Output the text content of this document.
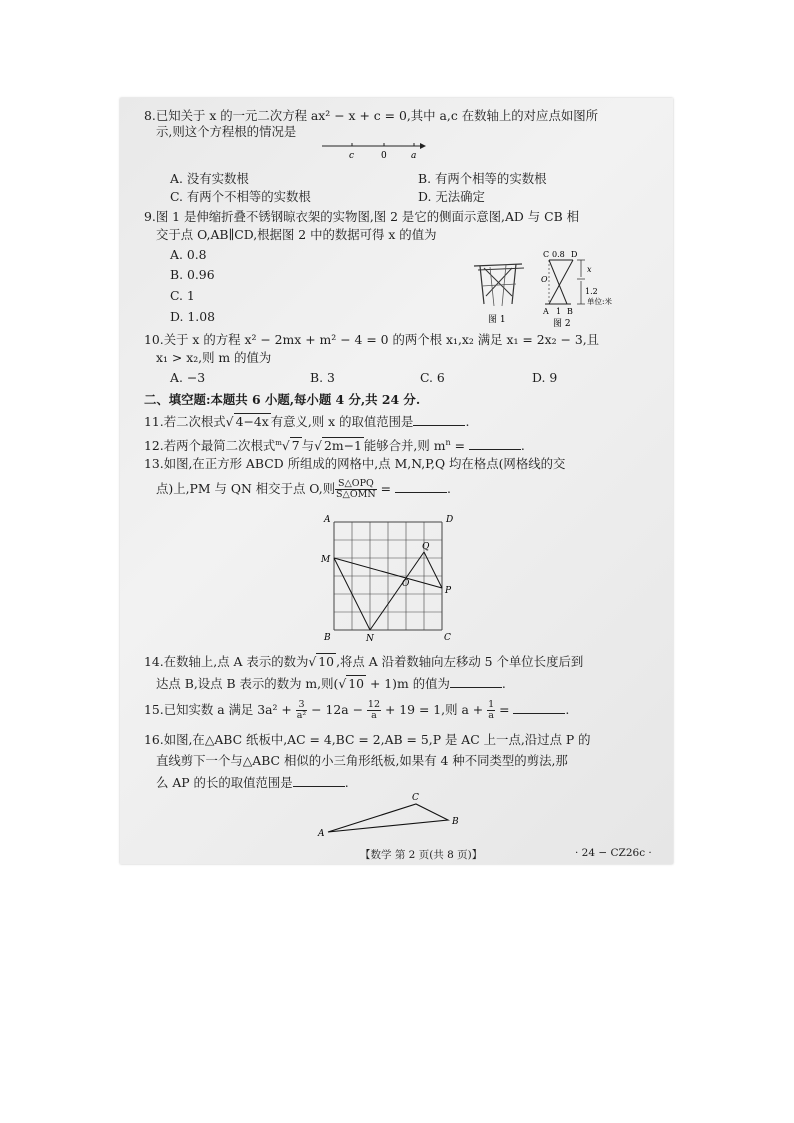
8.已知关于 x 的一元二次方程 ax² − x + c = 0,其中 a,c 在数轴上的对应点如图所
示,则这个方程根的情况是
c	0	a
A. 没有实数根	B. 有两个相等的实数根
C. 有两个不相等的实数根	D. 无法确定
9.图 1 是伸缩折叠不锈钢晾衣架的实物图,图 2 是它的侧面示意图,AD 与 CB 相
交于点 O,AB∥CD,根据图 2 中的数据可得 x 的值为
A. 0.8
B. 0.96
C. 1
D. 1.08	图 1
C 0.8 D
O
x
1.2
单位:米
A 1 B
图 2
10.关于 x 的方程 x² − 2mx + m² − 4 = 0 的两个根 x₁,x₂ 满足 x₁ = 2x₂ − 3,且
x₁ > x₂,则 m 的值为
A. −3	B. 3	C. 6	D. 9
二、填空题:本题共 6 小题,每小题 4 分,共 24 分.
11.若二次根式√ 4−4x 有意义,则 x 的取值范围是	.
12.若两个最简二次根式$^m$√ 7 与√ 2m−1 能够合并,则 $m^n$ =	.
13.如图,在正方形 ABCD 所组成的网格中,点 M,N,P,Q 均在格点(网格线的交
点)上,PM 与 QN 相交于点 O,则 $\frac{\text{S△OPQ}}{\text{S△OMN}}$ =	.
A	D
M
Q
O
P
B	N	C
14.在数轴上,点 A 表示的数为√ 10 ,将点 A 沿着数轴向左移动 5 个单位长度后到
达点 B,设点 B 表示的数为 m,则(√ 10 + 1)m 的值为	.
15.已知实数 a 满足 $3a^2 + \frac{3}{\text{a²}} - 12a - \frac{12}{a} + 19 = 1$,则 $a + \frac{1}{a}$ =	.
16.如图,在△ABC 纸板中,AC = 4,BC = 2,AB = 5,P 是 AC 上一点,沿过点 P 的
直线剪下一个与△ABC 相似的小三角形纸板,如果有 4 种不同类型的剪法,那
么 AP 的长的取值范围是	.
A
C
B
【数学 第 2 页(共 8 页)】	· 24 − CZ26c ·
